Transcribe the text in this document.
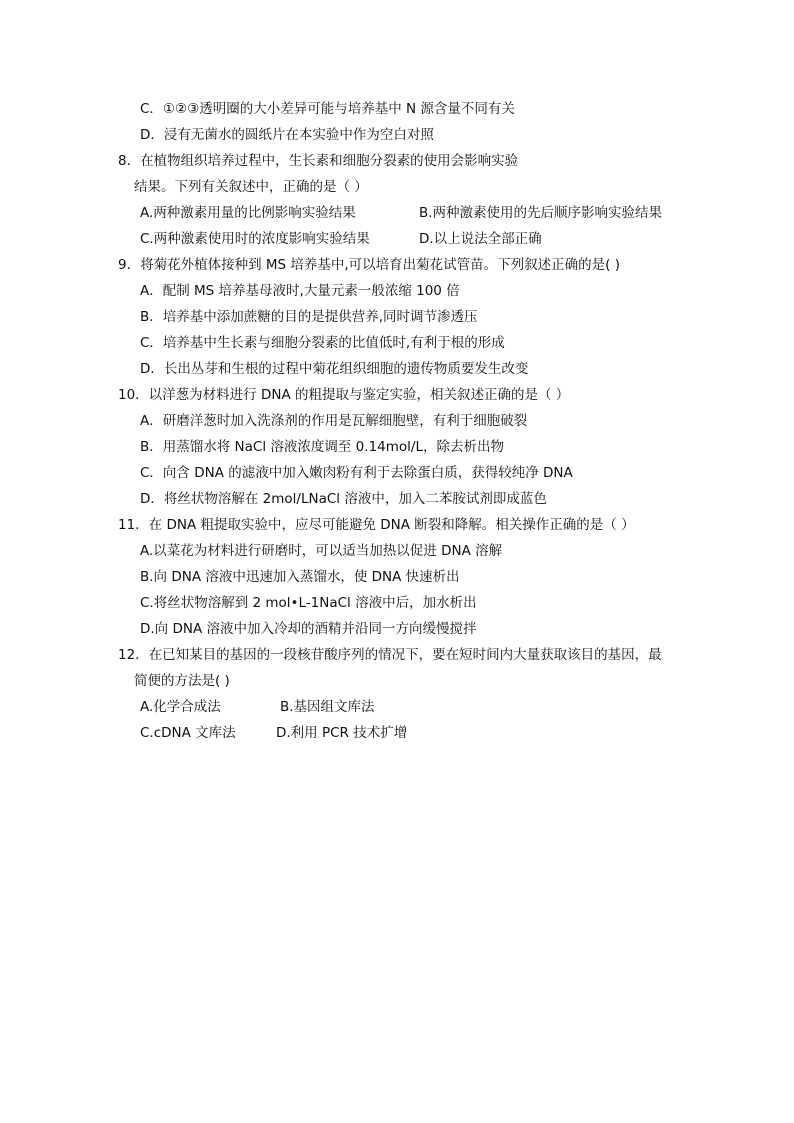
C．①②③透明圈的大小差异可能与培养基中 N 源含量不同有关
D．浸有无菌水的圆纸片在本实验中作为空白对照
8．在植物组织培养过程中，生长素和细胞分裂素的使用会影响实验
结果。下列有关叙述中，正确的是（ ）
A.两种激素用量的比例影响实验结果	B.两种激素使用的先后顺序影响实验结果
C.两种激素使用时的浓度影响实验结果	D.以上说法全部正确
9．将菊花外植体接种到 MS 培养基中,可以培育出菊花试管苗。下列叙述正确的是( )
A．配制 MS 培养基母液时,大量元素一般浓缩 100 倍
B．培养基中添加蔗糖的目的是提供营养,同时调节渗透压
C．培养基中生长素与细胞分裂素的比值低时,有利于根的形成
D．长出丛芽和生根的过程中菊花组织细胞的遗传物质要发生改变
10．以洋葱为材料进行 DNA 的粗提取与鉴定实验，相关叙述正确的是（ ）
A．研磨洋葱时加入洗涤剂的作用是瓦解细胞壁，有利于细胞破裂
B．用蒸馏水将 NaCl 溶液浓度调至 0.14mol/L，除去析出物
C．向含 DNA 的滤液中加入嫩肉粉有利于去除蛋白质，获得较纯净 DNA
D．将丝状物溶解在 2mol/LNaCl 溶液中，加入二苯胺试剂即成蓝色
11．在 DNA 粗提取实验中，应尽可能避免 DNA 断裂和降解。相关操作正确的是（ ）
A.以菜花为材料进行研磨时，可以适当加热以促进 DNA 溶解
B.向 DNA 溶液中迅速加入蒸馏水，使 DNA 快速析出
C.将丝状物溶解到 2 mol•L-1NaCl 溶液中后，加水析出
D.向 DNA 溶液中加入冷却的酒精并沿同一方向缓慢搅拌
12．在已知某目的基因的一段核苷酸序列的情况下，要在短时间内大量获取该目的基因，最
简便的方法是( )
A.化学合成法	B.基因组文库法
C.cDNA 文库法	D.利用 PCR 技术扩增
